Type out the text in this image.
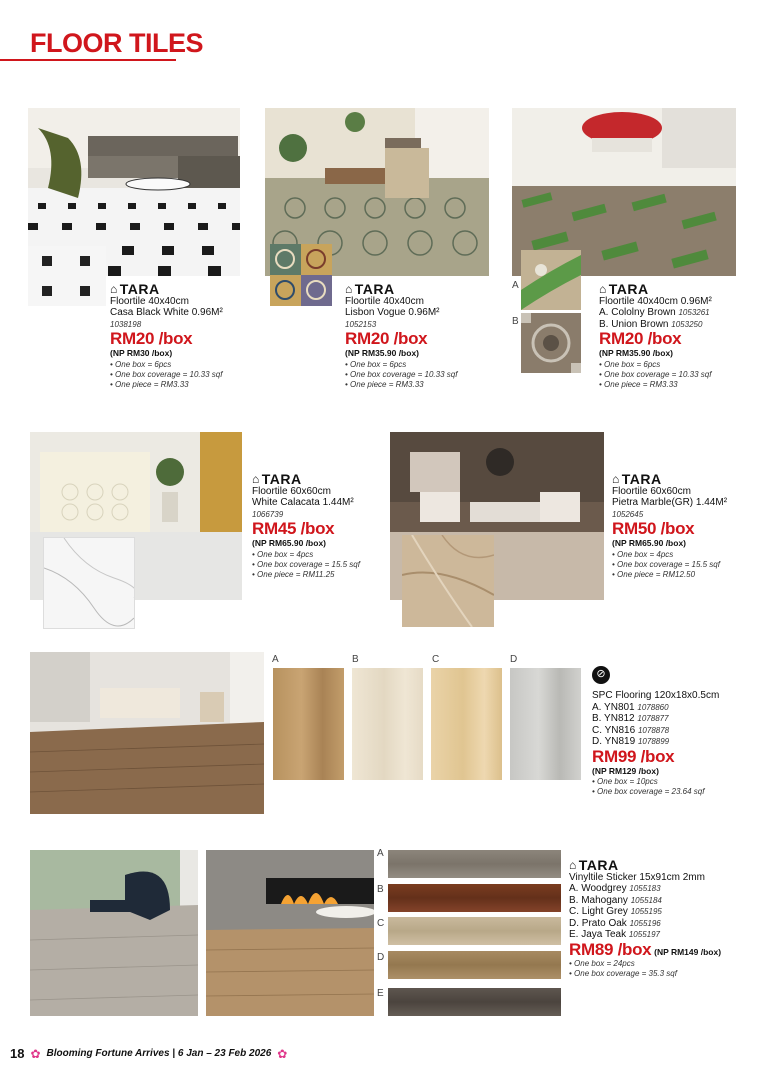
FLOOR TILES
⌂ TARA
Floortile 40x40cm
Casa Black White 0.96M²
1038198
RM20 /box
(NP RM30 /box)
• One box = 6pcs
• One box coverage = 10.33 sqf
• One piece = RM3.33
⌂ TARA
Floortile 40x40cm
Lisbon Vogue 0.96M²
1052153
RM20 /box
(NP RM35.90 /box)
• One box = 6pcs
• One box coverage = 10.33 sqf
• One piece = RM3.33
A
B
⌂ TARA
Floortile 40x40cm 0.96M²
A. Cololny Brown 1053261
B. Union Brown 1053250
RM20 /box
(NP RM35.90 /box)
• One box = 6pcs
• One box coverage = 10.33 sqf
• One piece = RM3.33
⌂ TARA
Floortile 60x60cm
White Calacata 1.44M²
1066739
RM45 /box
(NP RM65.90 /box)
• One box = 4pcs
• One box coverage = 15.5 sqf
• One piece = RM11.25
⌂ TARA
Floortile 60x60cm
Pietra Marble(GR) 1.44M²
1052645
RM50 /box
(NP RM65.90 /box)
• One box = 4pcs
• One box coverage = 15.5 sqf
• One piece = RM12.50
A	B	C	D
⊘
SPC Flooring 120x18x0.5cm
A. YN801 1078860
B. YN812 1078877
C. YN816 1078878
D. YN819 1078899
RM99 /box
(NP RM129 /box)
• One box = 10pcs
• One box coverage = 23.64 sqf
A
B
C
D
E
⌂ TARA
Vinyltile Sticker 15x91cm 2mm
A. Woodgrey 1055183
B. Mahogany 1055184
C. Light Grey 1055195
D. Prato Oak 1055196
E. Jaya Teak 1055197
RM89 /box (NP RM149 /box)
• One box = 24pcs
• One box coverage = 35.3 sqf
18 ✿ Blooming Fortune Arrives | 6 Jan – 23 Feb 2026 ✿
